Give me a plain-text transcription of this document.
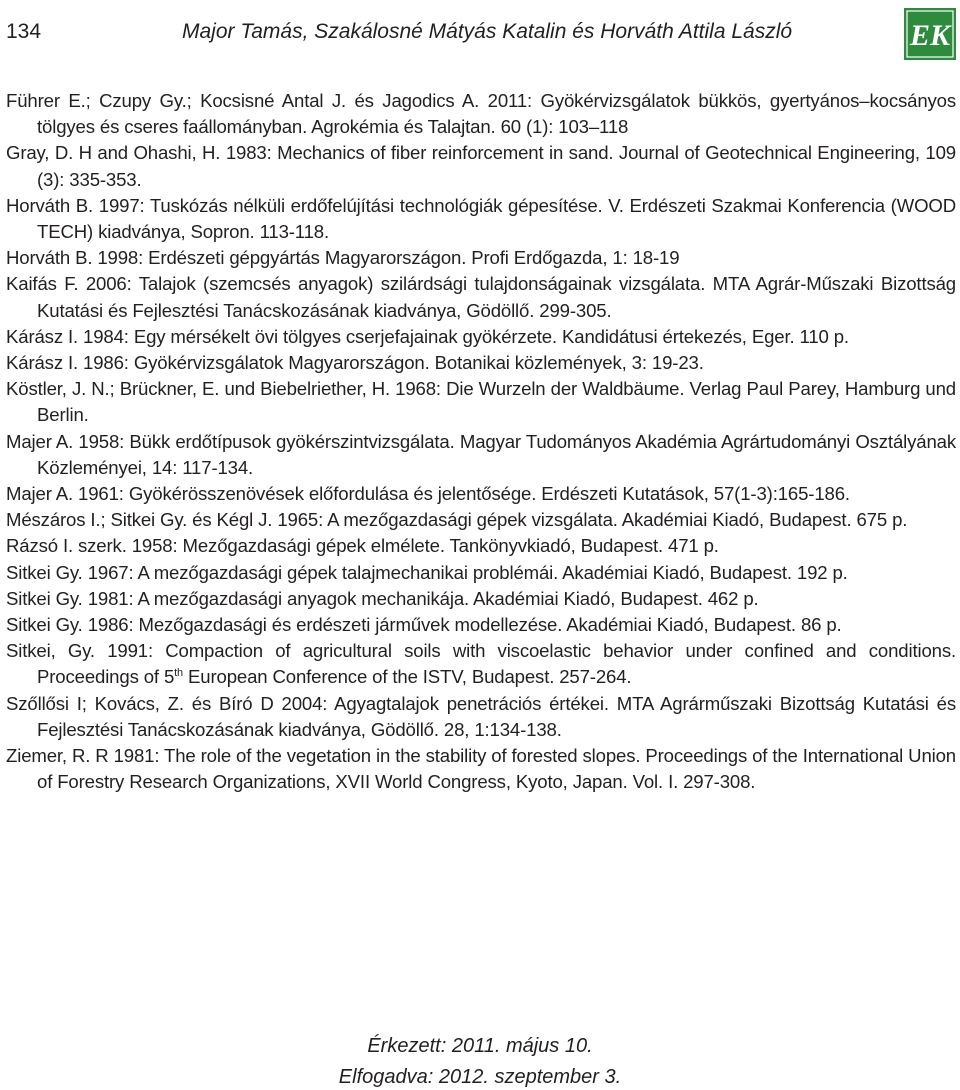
134	Major Tamás, Szakálosné Mátyás Katalin és Horváth Attila László	EK
Führer E.; Czupy Gy.; Kocsisné Antal J. és Jagodics A. 2011: Gyökérvizsgálatok bükkös, gyertyános–kocsányos tölgyes és cseres faállományban. Agrokémia és Talajtan. 60 (1): 103–118
Gray, D. H and Ohashi, H. 1983: Mechanics of fiber reinforcement in sand. Journal of Geotechnical Engineering, 109 (3): 335-353.
Horváth B. 1997: Tuskózás nélküli erdőfelújítási technológiák gépesítése. V. Erdészeti Szakmai Konferencia (WOOD TECH) kiadványa, Sopron. 113-118.
Horváth B. 1998: Erdészeti gépgyártás Magyarországon. Profi Erdőgazda, 1: 18-19
Kaifás F. 2006: Talajok (szemcsés anyagok) szilárdsági tulajdonságainak vizsgálata. MTA Agrár-Műszaki Bizottság Kutatási és Fejlesztési Tanácskozásának kiadványa, Gödöllő. 299-305.
Kárász I. 1984: Egy mérsékelt övi tölgyes cserjefajainak gyökérzete. Kandidátusi értekezés, Eger. 110 p.
Kárász I. 1986: Gyökérvizsgálatok Magyarországon. Botanikai közlemények, 3: 19-23.
Köstler, J. N.; Brückner, E. und Biebelriether, H. 1968: Die Wurzeln der Waldbäume. Verlag Paul Parey, Hamburg und Berlin.
Majer A. 1958: Bükk erdőtípusok gyökérszintvizsgálata. Magyar Tudományos Akadémia Agrártudományi Osztályának Közleményei, 14: 117-134.
Majer A. 1961: Gyökérösszenövések előfordulása és jelentősége. Erdészeti Kutatások, 57(1-3):165-186.
Mészáros I.; Sitkei Gy. és Kégl J. 1965: A mezőgazdasági gépek vizsgálata. Akadémiai Kiadó, Budapest. 675 p.
Rázsó I. szerk. 1958: Mezőgazdasági gépek elmélete. Tankönyvkiadó, Budapest. 471 p.
Sitkei Gy. 1967: A mezőgazdasági gépek talajmechanikai problémái. Akadémiai Kiadó, Budapest. 192 p.
Sitkei Gy. 1981: A mezőgazdasági anyagok mechanikája. Akadémiai Kiadó, Budapest. 462 p.
Sitkei Gy. 1986: Mezőgazdasági és erdészeti járművek modellezése. Akadémiai Kiadó, Budapest. 86 p.
Sitkei, Gy. 1991: Compaction of agricultural soils with viscoelastic behavior under confined and conditions. Proceedings of 5th European Conference of the ISTV, Budapest. 257-264.
Szőllősi I; Kovács, Z. és Bíró D 2004: Agyagtalajok penetrációs értékei. MTA Agrárműszaki Bizottság Kutatási és Fejlesztési Tanácskozásának kiadványa, Gödöllő. 28, 1:134-138.
Ziemer, R. R 1981: The role of the vegetation in the stability of forested slopes. Proceedings of the International Union of Forestry Research Organizations, XVII World Congress, Kyoto, Japan. Vol. I. 297-308.
Érkezett: 2011. május 10.
Elfogadva: 2012. szeptember 3.
